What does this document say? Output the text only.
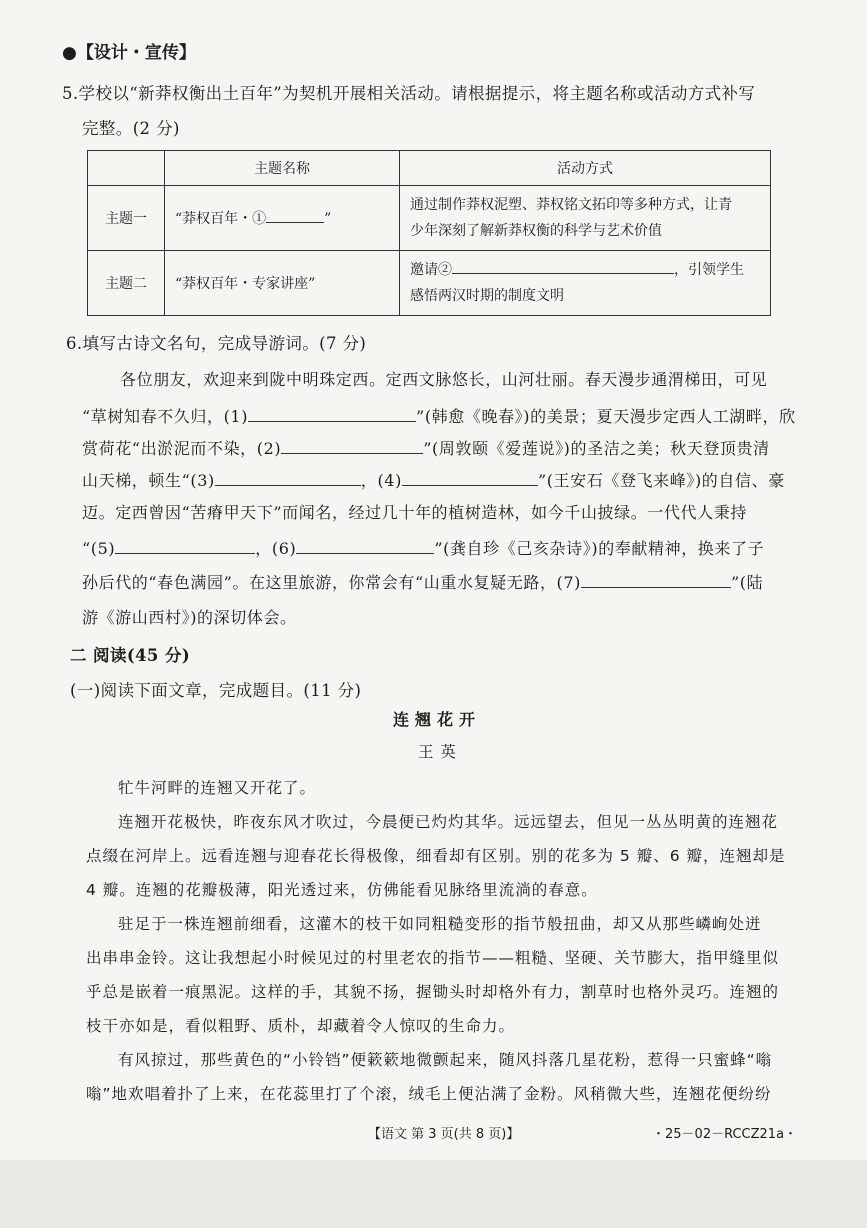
●【设计・宣传】
5.学校以“新莽权衡出土百年”为契机开展相关活动。请根据提示，将主题名称或活动方式补写
完整。(2 分)
	主题名称	活动方式
主题一	“莽权百年・① ”	通过制作莽权泥塑、莽权铭文拓印等多种方式，让青
少年深刻了解新莽权衡的科学与艺术价值

主题二	“莽权百年・专家讲座”	邀请② ，引领学生
感悟两汉时期的制度文明
6.填写古诗文名句，完成导游词。(7 分)
各位朋友，欢迎来到陇中明珠定西。定西文脉悠长，山河壮丽。春天漫步通渭梯田，可见
“草树知春不久归，(1)	”(韩愈《晚春》)的美景；夏天漫步定西人工湖畔，欣
赏荷花“出淤泥而不染，(2)	”(周敦颐《爱莲说》)的圣洁之美；秋天登顶贵清
山天梯，顿生“(3)	，(4)	”(王安石《登飞来峰》)的自信、豪
迈。定西曾因“苦瘠甲天下”而闻名，经过几十年的植树造林，如今千山披绿。一代代人秉持
“(5)	，(6)	”(龚自珍《己亥杂诗》)的奉献精神，换来了子
孙后代的“春色满园”。在这里旅游，你常会有“山重水复疑无路，(7)	”(陆
游《游山西村》)的深切体会。
二 阅读(45 分)
(一)阅读下面文章，完成题目。(11 分)
连翘花开
王 英
牤牛河畔的连翘又开花了。
连翘开花极快，昨夜东风才吹过，今晨便已灼灼其华。远远望去，但见一丛丛明黄的连翘花
点缀在河岸上。远看连翘与迎春花长得极像，细看却有区别。别的花多为 5 瓣、6 瓣，连翘却是
4 瓣。连翘的花瓣极薄，阳光透过来，仿佛能看见脉络里流淌的春意。
驻足于一株连翘前细看，这灌木的枝干如同粗糙变形的指节般扭曲，却又从那些嶙峋处迸
出串串金铃。这让我想起小时候见过的村里老农的指节——粗糙、坚硬、关节膨大，指甲缝里似
乎总是嵌着一痕黑泥。这样的手，其貌不扬，握锄头时却格外有力，割草时也格外灵巧。连翘的
枝干亦如是，看似粗野、质朴，却藏着令人惊叹的生命力。
有风掠过，那些黄色的“小铃铛”便簌簌地微颤起来，随风抖落几星花粉，惹得一只蜜蜂“嗡
嗡”地欢唱着扑了上来，在花蕊里打了个滚，绒毛上便沾满了金粉。风稍微大些，连翘花便纷纷
【语文 第 3 页(共 8 页)】	・25－02－RCCZ21a・
